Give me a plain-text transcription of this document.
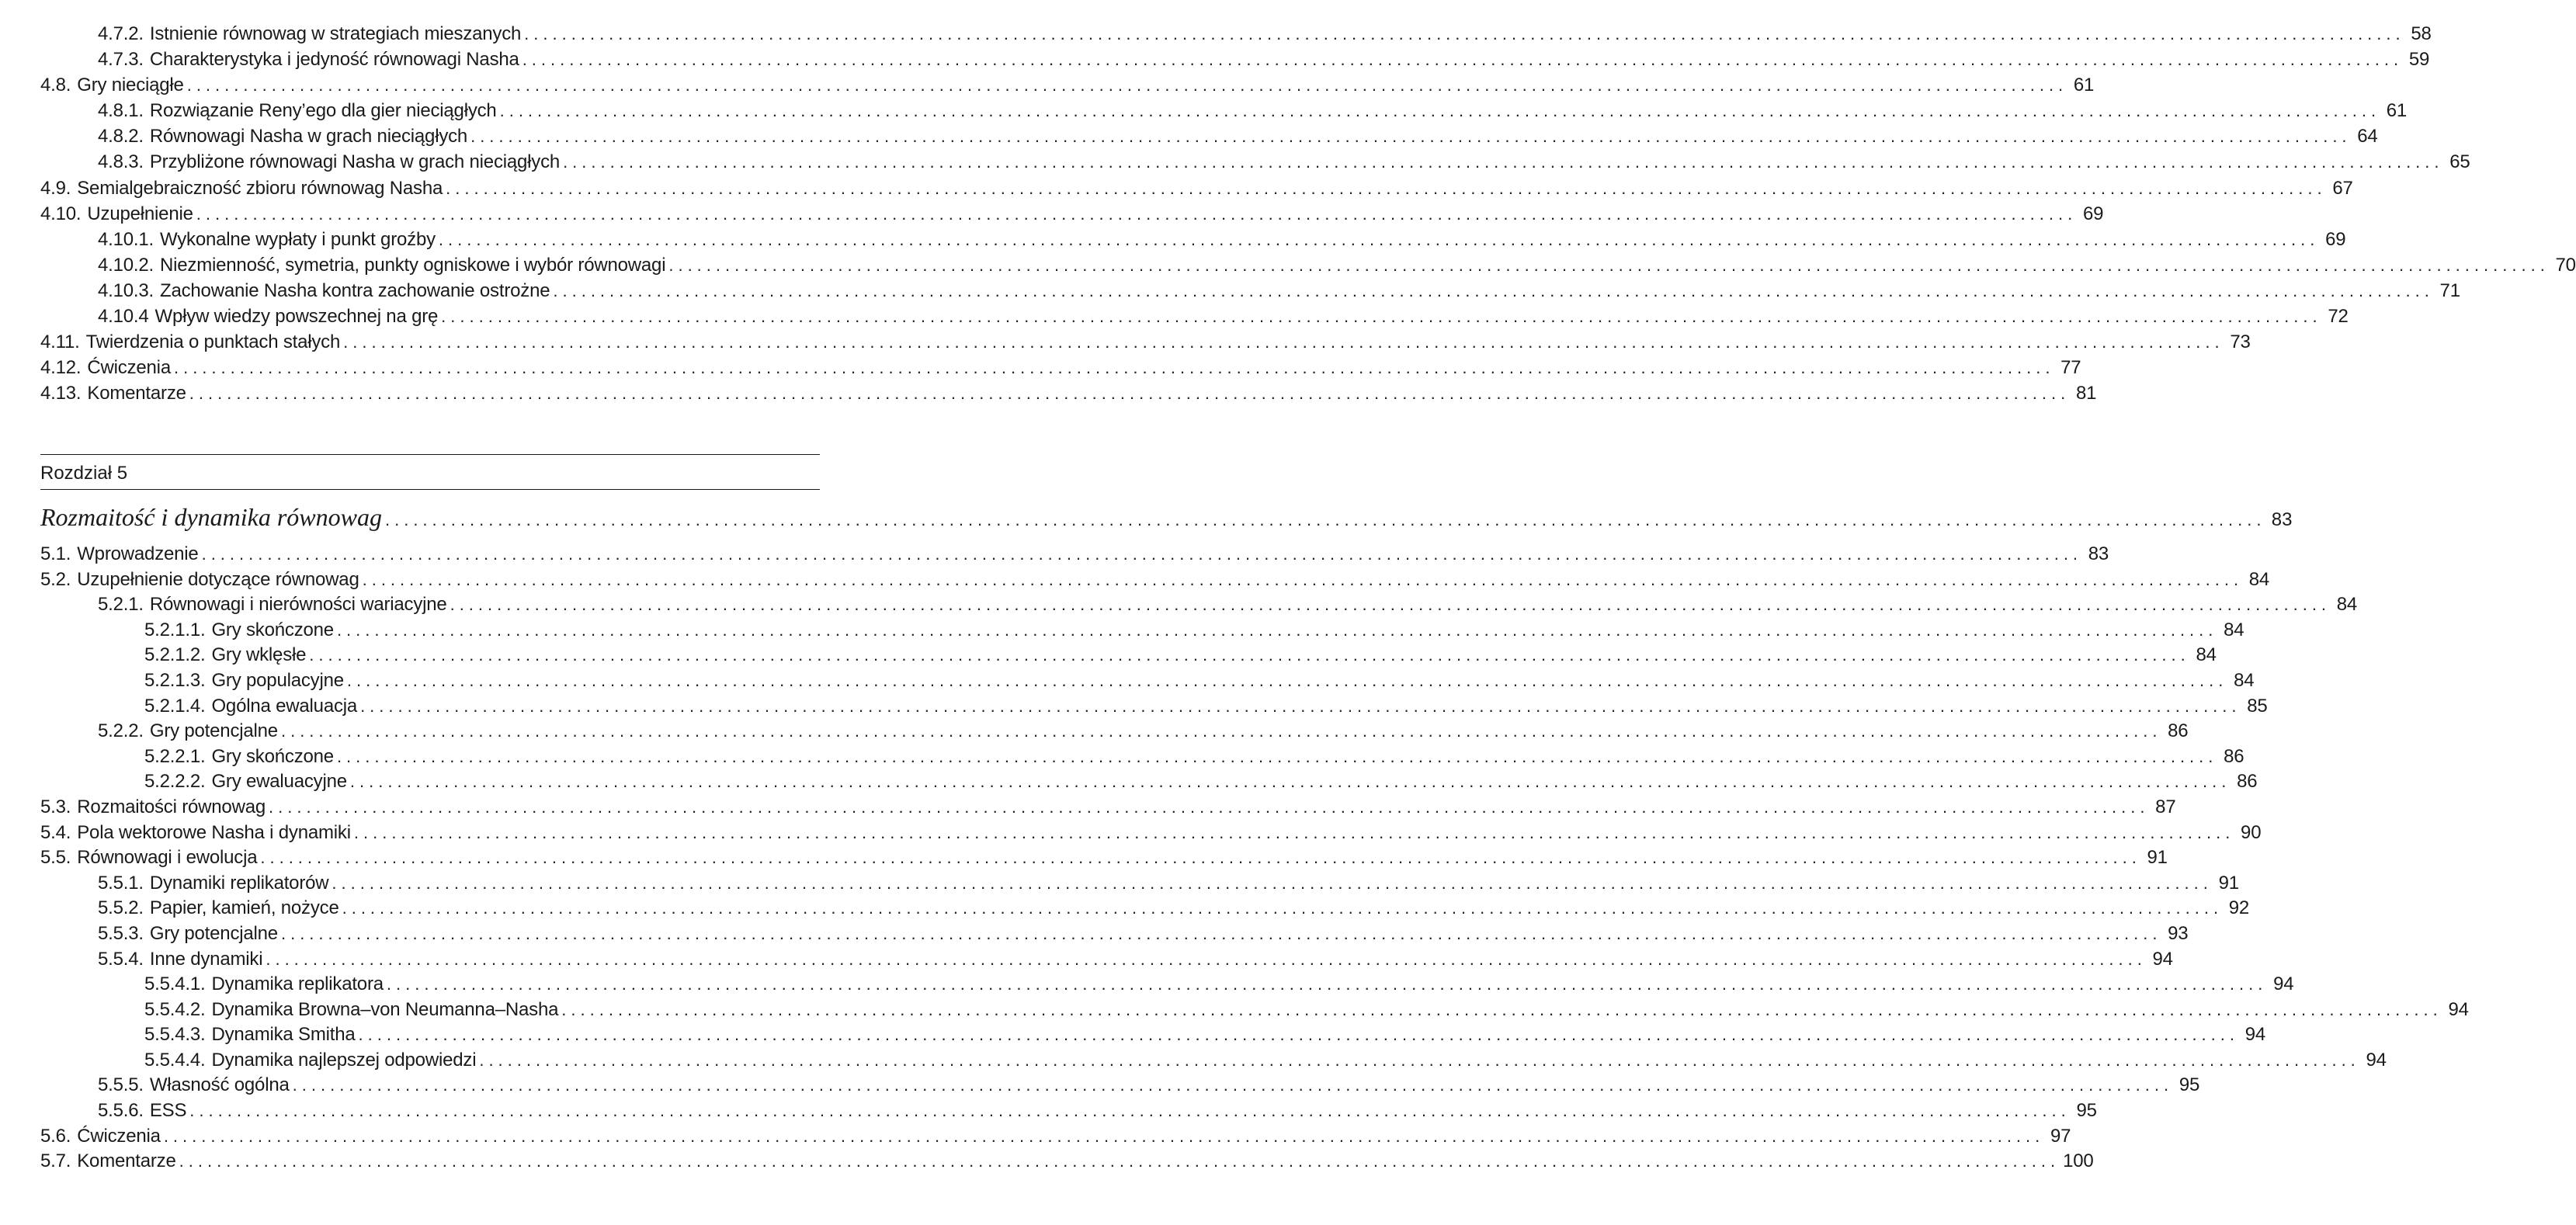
4.7.2. Istnienie równowag w strategiach mieszanych ........................................................................................................................................................................................................ 58
4.7.3. Charakterystyka i jedyność równowagi Nasha ........................................................................................................................................................................................................ 59
4.8. Gry nieciągłe ........................................................................................................................................................................................................ 61
4.8.1. Rozwiązanie Reny’ego dla gier nieciągłych ........................................................................................................................................................................................................ 61
4.8.2. Równowagi Nasha w grach nieciągłych ........................................................................................................................................................................................................ 64
4.8.3. Przybliżone równowagi Nasha w grach nieciągłych ........................................................................................................................................................................................................ 65
4.9. Semialgebraiczność zbioru równowag Nasha ........................................................................................................................................................................................................ 67
4.10. Uzupełnienie ........................................................................................................................................................................................................ 69
4.10.1. Wykonalne wypłaty i punkt groźby ........................................................................................................................................................................................................ 69
4.10.2. Niezmienność, symetria, punkty ogniskowe i wybór równowagi ........................................................................................................................................................................................................ 70
4.10.3. Zachowanie Nasha kontra zachowanie ostrożne ........................................................................................................................................................................................................ 71
4.10.4 Wpływ wiedzy powszechnej na grę ........................................................................................................................................................................................................ 72
4.11. Twierdzenia o punktach stałych ........................................................................................................................................................................................................ 73
4.12. Ćwiczenia ........................................................................................................................................................................................................ 77
4.13. Komentarze ........................................................................................................................................................................................................ 81
Rozdział 5
Rozmaitość i dynamika równowag ........................................................................................................................................................................................................ 83
5.1. Wprowadzenie ........................................................................................................................................................................................................ 83
5.2. Uzupełnienie dotyczące równowag ........................................................................................................................................................................................................ 84
5.2.1. Równowagi i nierówności wariacyjne ........................................................................................................................................................................................................ 84
5.2.1.1. Gry skończone ........................................................................................................................................................................................................ 84
5.2.1.2. Gry wklęsłe ........................................................................................................................................................................................................ 84
5.2.1.3. Gry populacyjne ........................................................................................................................................................................................................ 84
5.2.1.4. Ogólna ewaluacja ........................................................................................................................................................................................................ 85
5.2.2. Gry potencjalne ........................................................................................................................................................................................................ 86
5.2.2.1. Gry skończone ........................................................................................................................................................................................................ 86
5.2.2.2. Gry ewaluacyjne ........................................................................................................................................................................................................ 86
5.3. Rozmaitości równowag ........................................................................................................................................................................................................ 87
5.4. Pola wektorowe Nasha i dynamiki ........................................................................................................................................................................................................ 90
5.5. Równowagi i ewolucja ........................................................................................................................................................................................................ 91
5.5.1. Dynamiki replikatorów ........................................................................................................................................................................................................ 91
5.5.2. Papier, kamień, nożyce ........................................................................................................................................................................................................ 92
5.5.3. Gry potencjalne ........................................................................................................................................................................................................ 93
5.5.4. Inne dynamiki ........................................................................................................................................................................................................ 94
5.5.4.1. Dynamika replikatora ........................................................................................................................................................................................................ 94
5.5.4.2. Dynamika Browna–von Neumanna–Nasha ........................................................................................................................................................................................................ 94
5.5.4.3. Dynamika Smitha ........................................................................................................................................................................................................ 94
5.5.4.4. Dynamika najlepszej odpowiedzi ........................................................................................................................................................................................................ 94
5.5.5. Własność ogólna ........................................................................................................................................................................................................ 95
5.5.6. ESS ........................................................................................................................................................................................................ 95
5.6. Ćwiczenia ........................................................................................................................................................................................................ 97
5.7. Komentarze ........................................................................................................................................................................................................ 100
